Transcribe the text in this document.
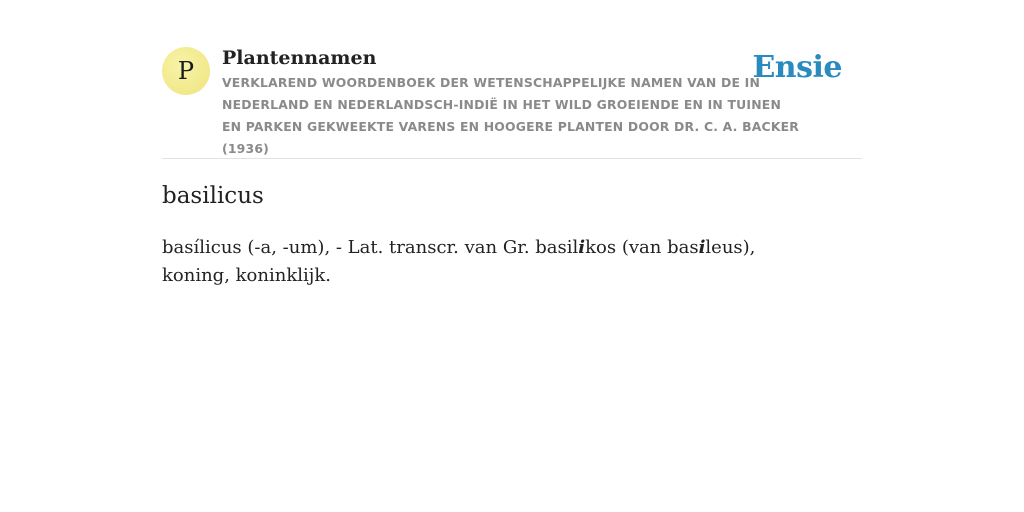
P Plantennamen

VERKLAREND WOORDENBOEK DER WETENSCHAPPELIJKE NAMEN VAN DE IN NEDERLAND EN NEDERLANDSCH-INDIË IN HET WILD GROEIENDE EN IN TUINEN EN PARKEN GEKWEEKTE VARENS EN HOOGERE PLANTEN DOOR DR. C. A. BACKER (1936)

Ensie
basilicus

basílicus (-a, -um), - Lat. transcr. van Gr. basilikos (van basileus), koning, koninklijk.
